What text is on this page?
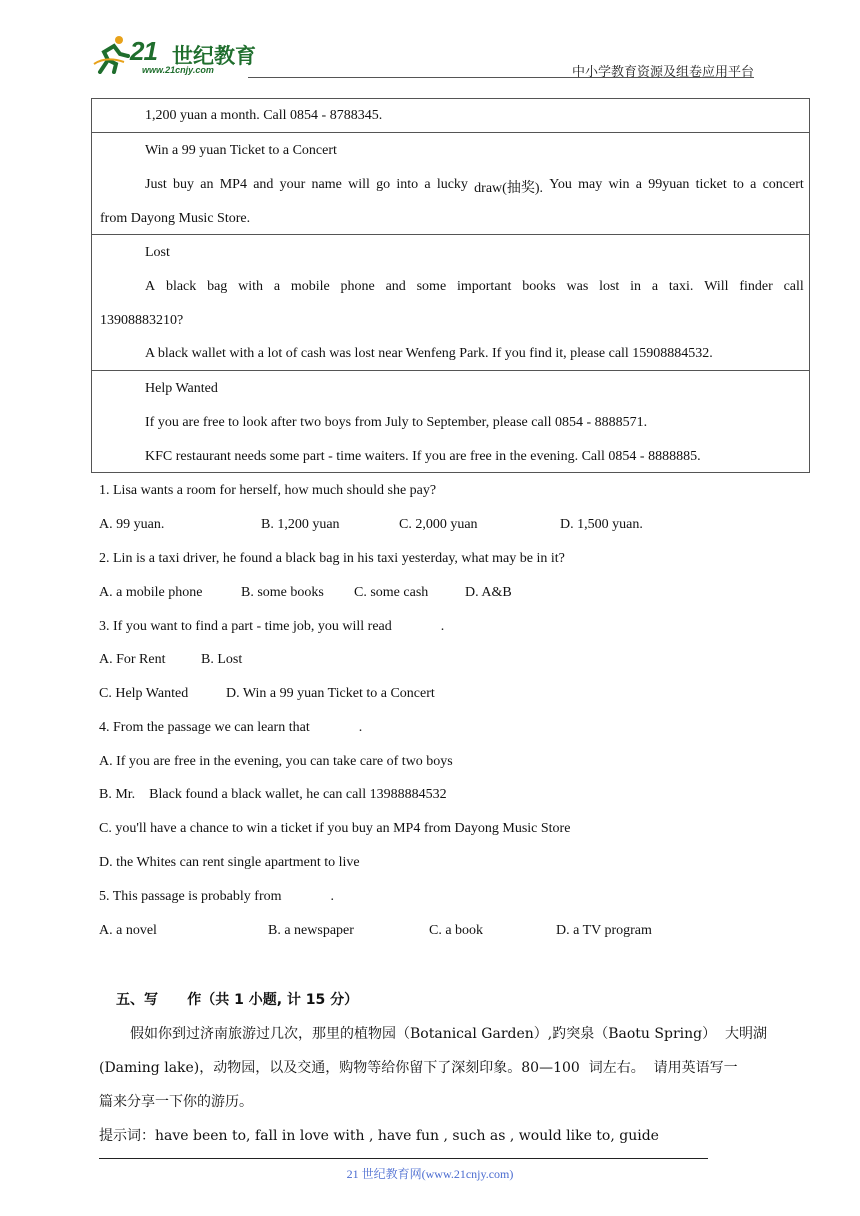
21 世纪教育
www.21cnjy.com	中小学教育资源及组卷应用平台
1,200 yuan a month. Call 0854 - 8788345.
Win a 99 yuan Ticket to a Concert
Just buy an MP4 and your name will go into a lucky draw(抽奖). You may win a 99yuan ticket to a concert
from Dayong Music Store.
Lost
A black bag with a mobile phone and some important books was lost in a taxi. Will finder call
13908883210?
A black wallet with a lot of cash was lost near Wenfeng Park. If you find it, please call 15908884532.
Help Wanted
If you are free to look after two boys from July to September, please call 0854 - 8888571.
KFC restaurant needs some part - time waiters. If you are free in the evening. Call 0854 - 8888885.
1. Lisa wants a room for herself, how much should she pay?
A. 99 yuan.	B. 1,200 yuan	C. 2,000 yuan	D. 1,500 yuan.
2. Lin is a taxi driver, he found a black bag in his taxi yesterday, what may be in it?
A. a mobile phone	B. some books C. some cash	D. A&B
3. If you want to find a part - time job, you will read              .
A. For Rent	B. Lost
C. Help Wanted	D. Win a 99 yuan Ticket to a Concert
4. From the passage we can learn that              .
A. If you are free in the evening, you can take care of two boys
B. Mr.    Black found a black wallet, he can call 13988884532
C. you'll have a chance to win a ticket if you buy an MP4 from Dayong Music Store
D. the Whites can rent single apartment to live
5. This passage is probably from              .
A. a novel	B. a newspaper	C. a book	D. a TV program
五、写      作（共 1 小题, 计 15 分）
假如你到过济南旅游过几次，那里的植物园（Botanical Garden）,趵突泉（Baotu Spring）  大明湖
(Daming lake)，动物园，以及交通，购物等给你留下了深刻印象。80—100  词左右。  请用英语写一
篇来分享一下你的游历。
提示词：have been to, fall in love with , have fun , such as , would like to, guide
21 世纪教育网(www.21cnjy.com)
